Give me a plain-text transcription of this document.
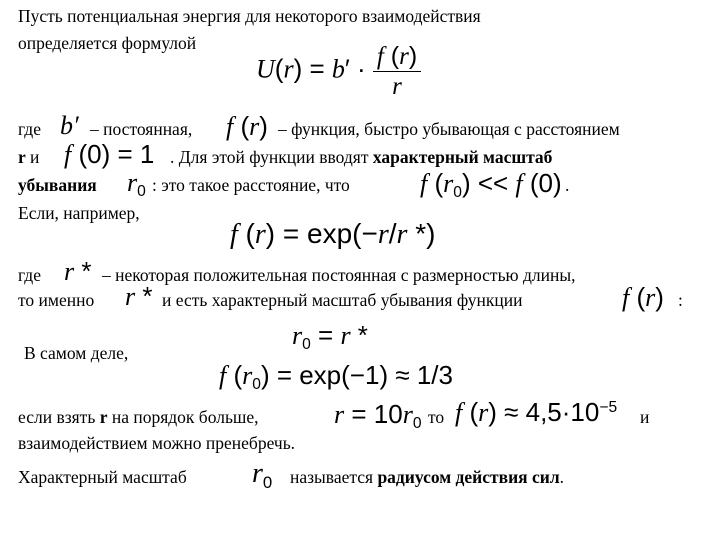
Пусть потенциальная энергия для некоторого взаимодействия
определяется формулой
$U(r) = b' \cdot \frac{f (r)}{r}$
где b′ – постоянная, f (r) – функция, быстро убывающая с расстоянием
r и f (0) = 1 . Для этой функции вводят характерный масштаб
убывания $r_0$ : это такое расстояние, что	f $(r_0) << f$ (0) .
Если, например,
f (r) = exp(−r/r *)
где r * – некоторая положительная постоянная с размерностью длины,
то именно r * и есть характерный масштаб убывания функции	f (r) :
$r_0 = r$ *
В самом деле,
f $(r_0) = \exp(-1) \approx 1/3$
если взять r на порядок больше,	$r = 10r_0$ то f $(r) \approx 4,5\cdot 10^{-5}$ и
взаимодействием можно пренебречь.
Характерный масштаб $r_0$ называется радиусом действия сил.
